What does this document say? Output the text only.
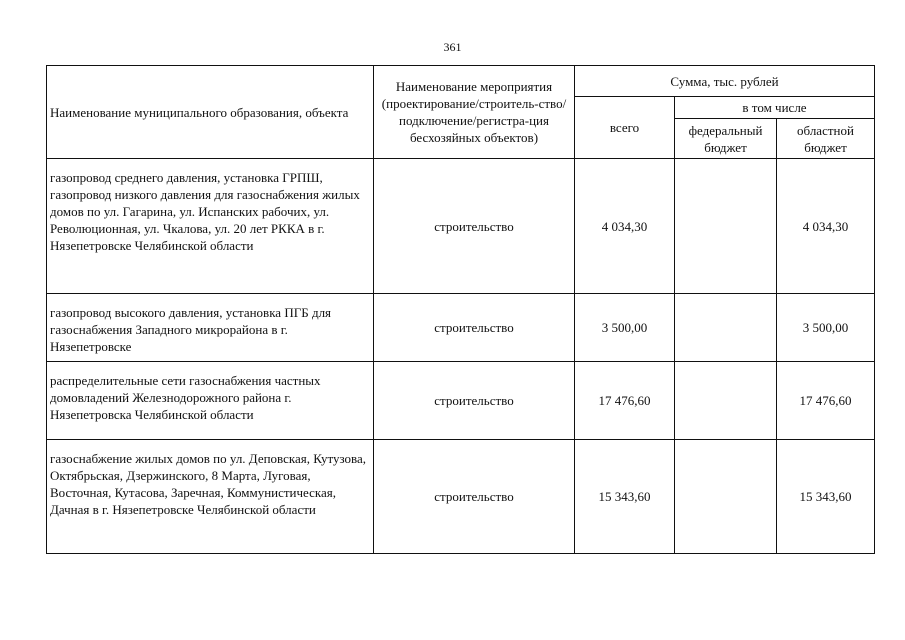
361
Наименование муниципального образования, объекта	Наименование мероприятия (проектирование/строитель-ство/подключение/регистра-ция бесхозяйных объектов)	Сумма, тыс. рублей		
		всего	в том числе	
			федеральный бюджет	областной бюджет
газопровод среднего давления, установка ГРПШ, газопровод низкого давления для газоснабжения жилых домов по ул. Гагарина, ул. Испанских рабочих, ул. Революционная, ул. Чкалова, ул. 20 лет РККА в г. Нязепетровске Челябинской области	строительство	4 034,30		4 034,30
газопровод высокого давления, установка ПГБ для газоснабжения Западного микрорайона в г. Нязепетровске	строительство	3 500,00		3 500,00
распределительные сети газоснабжения частных домовладений Железнодорожного района г. Нязепетровска Челябинской области	строительство	17 476,60		17 476,60
газоснабжение жилых домов по ул. Деповская, Кутузова, Октябрьская, Дзержинского, 8 Марта, Луговая, Восточная, Кутасова, Заречная, Коммунистическая, Дачная в г. Нязепетровске Челябинской области	строительство	15 343,60		15 343,60
